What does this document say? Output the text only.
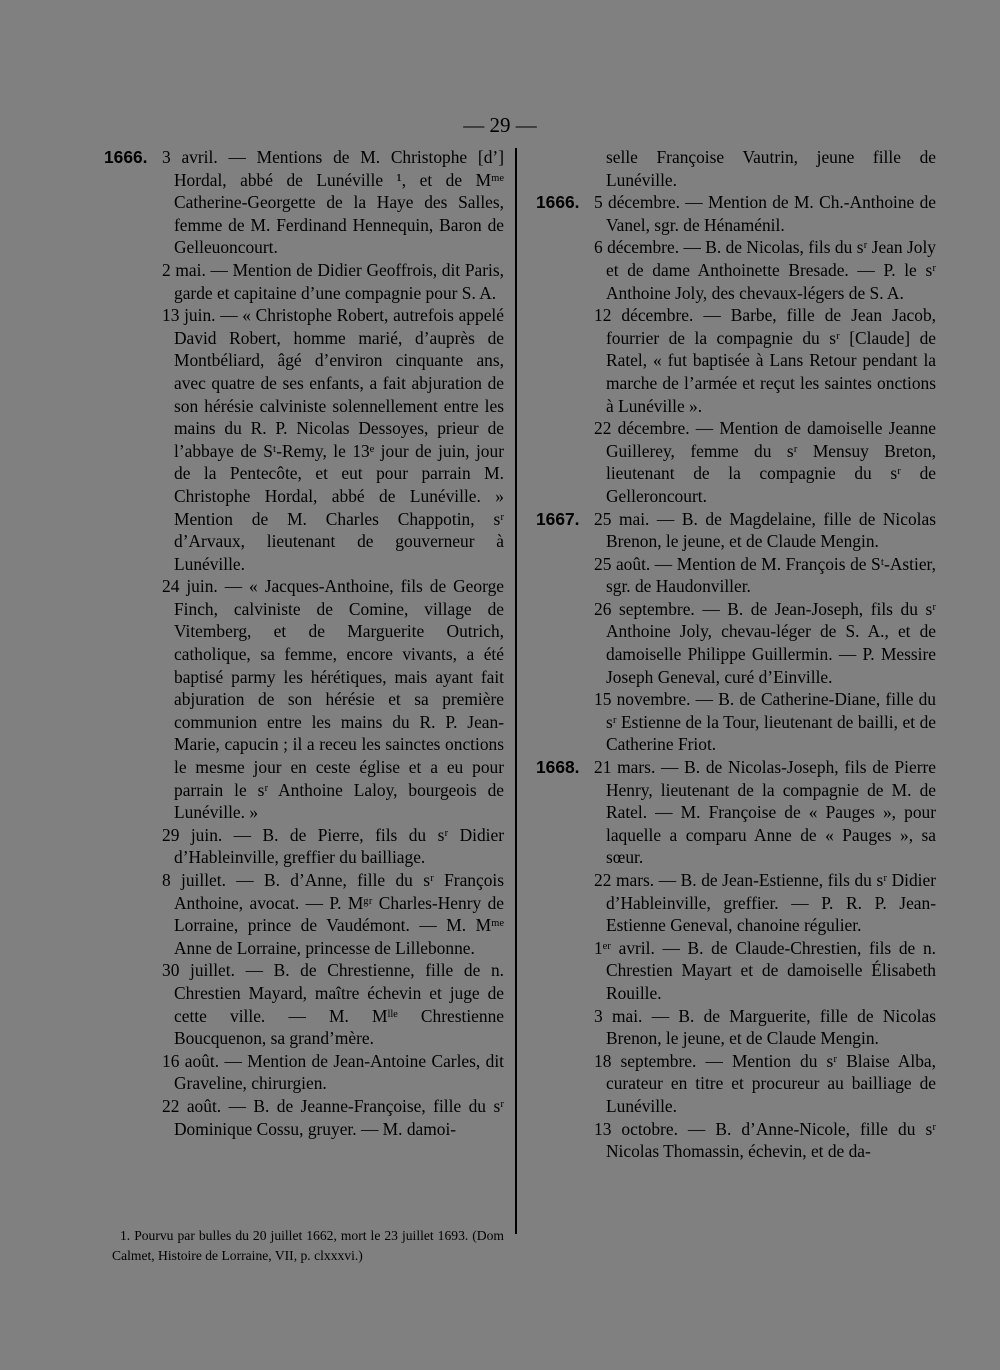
— 29 —

1666. 3 avril. — Mentions de M. Christophe [d’] Hordal, abbé de Lunéville ¹, et de Mᵐᵉ Catherine-Georgette de la Haye des Salles, femme de M. Ferdinand Hennequin, Baron de Gelleuoncourt.

2 mai. — Mention de Didier Geoffrois, dit Paris, garde et capitaine d’une compagnie pour S. A.

13 juin. — « Christophe Robert, autrefois appelé David Robert, homme marié, d’auprès de Montbéliard, âgé d’environ cinquante ans, avec quatre de ses enfants, a fait abjuration de son hérésie calviniste solennellement entre les mains du R. P. Nicolas Dessoyes, prieur de l’abbaye de Sᵗ-Remy, le 13ᵉ jour de juin, jour de la Pentecôte, et eut pour parrain M. Christophe Hordal, abbé de Lunéville. » Mention de M. Charles Chappotin, sʳ d’Arvaux, lieutenant de gouverneur à Lunéville.

24 juin. — « Jacques-Anthoine, fils de George Finch, calviniste de Comine, village de Vitemberg, et de Marguerite Outrich, catholique, sa femme, encore vivants, a été baptisé parmy les hérétiques, mais ayant fait abjuration de son hérésie et sa première communion entre les mains du R. P. Jean-Marie, capucin ; il a receu les sainctes onctions le mesme jour en ceste église et a eu pour parrain le sʳ Anthoine Laloy, bourgeois de Lunéville. »

29 juin. — B. de Pierre, fils du sʳ Didier d’Hableinville, greffier du bailliage.

8 juillet. — B. d’Anne, fille du sʳ François Anthoine, avocat. — P. Mᵍʳ Charles-Henry de Lorraine, prince de Vaudémont. — M. Mᵐᵉ Anne de Lorraine, princesse de Lillebonne.

30 juillet. — B. de Chrestienne, fille de n. Chrestien Mayard, maître échevin et juge de cette ville. — M. Mˡˡᵉ Chrestienne Boucquenon, sa grand’mère.

16 août. — Mention de Jean-Antoine Carles, dit Graveline, chirurgien.

22 août. — B. de Jeanne-Françoise, fille du sʳ Dominique Cossu, gruyer. — M. damoi-

selle Françoise Vautrin, jeune fille de Lunéville.

1666. 5 décembre. — Mention de M. Ch.-Anthoine de Vanel, sgr. de Hénaménil.

6 décembre. — B. de Nicolas, fils du sʳ Jean Joly et de dame Anthoinette Bresade. — P. le sʳ Anthoine Joly, des chevaux-légers de S. A.

12 décembre. — Barbe, fille de Jean Jacob, fourrier de la compagnie du sʳ [Claude] de Ratel, « fut baptisée à Lans Retour pendant la marche de l’armée et reçut les saintes onctions à Lunéville ».

22 décembre. — Mention de damoiselle Jeanne Guillerey, femme du sʳ Mensuy Breton, lieutenant de la compagnie du sʳ de Gelleroncourt.

1667. 25 mai. — B. de Magdelaine, fille de Nicolas Brenon, le jeune, et de Claude Mengin.

25 août. — Mention de M. François de Sᵗ-Astier, sgr. de Haudonviller.

26 septembre. — B. de Jean-Joseph, fils du sʳ Anthoine Joly, chevau-léger de S. A., et de damoiselle Philippe Guillermin. — P. Messire Joseph Geneval, curé d’Einville.

15 novembre. — B. de Catherine-Diane, fille du sʳ Estienne de la Tour, lieutenant de bailli, et de Catherine Friot.

1668. 21 mars. — B. de Nicolas-Joseph, fils de Pierre Henry, lieutenant de la compagnie de M. de Ratel. — M. Françoise de « Pauges », pour laquelle a comparu Anne de « Pauges », sa sœur.

22 mars. — B. de Jean-Estienne, fils du sʳ Didier d’Hableinville, greffier. — P. R. P. Jean-Estienne Geneval, chanoine régulier.

1ᵉʳ avril. — B. de Claude-Chrestien, fils de n. Chrestien Mayart et de damoiselle Élisabeth Rouille.

3 mai. — B. de Marguerite, fille de Nicolas Brenon, le jeune, et de Claude Mengin.

18 septembre. — Mention du sʳ Blaise Alba, curateur en titre et procureur au bailliage de Lunéville.

13 octobre. — B. d’Anne-Nicole, fille du sʳ Nicolas Thomassin, échevin, et de da-

1. Pourvu par bulles du 20 juillet 1662, mort le 23 juillet 1693. (Dom Calmet, Histoire de Lorraine, VII, p. clxxxvi.)
